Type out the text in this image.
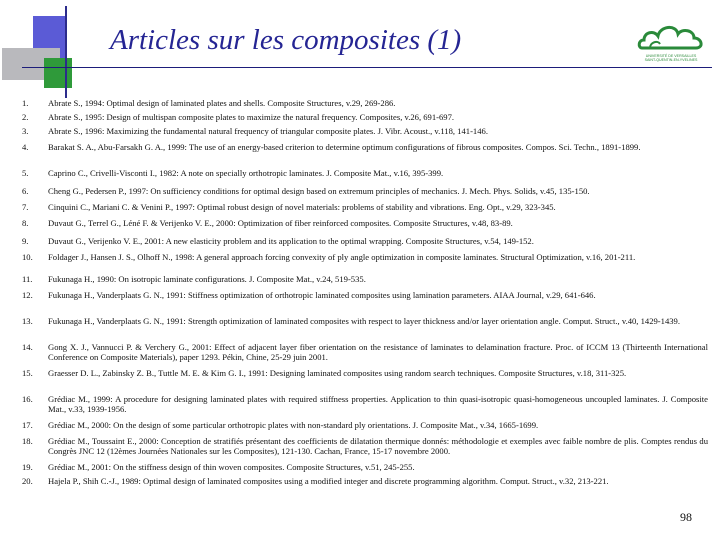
Articles sur les composites (1)	UNIVERSITÉ DE VERSAILLES
SAINT-QUENTIN-EN-YVELINES
1.	Abrate S., 1994: Optimal design of laminated plates and shells. Composite Structures, v.29, 269-286.
2.	Abrate S., 1995: Design of multispan composite plates to maximize the natural frequency. Composites, v.26, 691-697.
3.	Abrate S., 1996: Maximizing the fundamental natural frequency of triangular composite plates. J. Vibr. Acoust., v.118, 141-146.
4.	Barakat S. A., Abu-Farsakh G. A., 1999: The use of an energy-based criterion to determine optimum configurations of fibrous composites. Compos. Sci. Techn., 1891-1899.
5.	Caprino C., Crivelli-Visconti I., 1982: A note on specially orthotropic laminates. J. Composite Mat., v.16, 395-399.
6.	Cheng G., Pedersen P., 1997: On sufficiency conditions for optimal design based on extremum principles of mechanics. J. Mech. Phys. Solids, v.45, 135-150.
7.	Cinquini C., Mariani C. & Venini P., 1997: Optimal robust design of novel materials: problems of stability and vibrations. Eng. Opt., v.29, 323-345.
8.	Duvaut G., Terrel G., Léné F. & Verijenko V. E., 2000: Optimization of fiber reinforced composites. Composite Structures, v.48, 83-89.
9.	Duvaut G., Verijenko V. E., 2001: A new elasticity problem and its application to the optimal wrapping. Composite Structures, v.54, 149-152.
10.	Foldager J., Hansen J. S., Olhoff N., 1998: A general approach forcing convexity of ply angle optimization in composite laminates. Structural Optimization, v.16, 201-211.
11.	Fukunaga H., 1990: On isotropic laminate configurations. J. Composite Mat., v.24, 519-535.
12.	Fukunaga H., Vanderplaats G. N., 1991: Stiffness optimization of orthotropic laminated composites using lamination parameters. AIAA Journal, v.29, 641-646.
13.	Fukunaga H., Vanderplaats G. N., 1991: Strength optimization of laminated composites with respect to layer thickness and/or layer orientation angle. Comput. Struct., v.40, 1429-1439.
14.	Gong X. J., Vannucci P. & Verchery G., 2001: Effect of adjacent layer fiber orientation on the resistance of laminates to delamination fracture. Proc. of ICCM 13 (Thirteenth International Conference on Composite Materials), paper 1293. Pékin, Chine, 25-29 juin 2001.
15.	Graesser D. L., Zabinsky Z. B., Tuttle M. E. & Kim G. I., 1991: Designing laminated composites using random search techniques. Composite Structures, v.18, 311-325.
16.	Grédiac M., 1999: A procedure for designing laminated plates with required stiffness properties. Application to thin quasi-isotropic quasi-homogeneous uncoupled laminates. J. Composite Mat., v.33, 1939-1956.
17.	Grédiac M., 2000: On the design of some particular orthotropic plates with non-standard ply orientations. J. Composite Mat., v.34, 1665-1699.
18.	Grédiac M., Toussaint E., 2000: Conception de stratifiés présentant des coefficients de dilatation thermique donnés: méthodologie et exemples avec faible nombre de plis. Comptes rendus du Congrès JNC 12 (12èmes Journées Nationales sur les Composites), 121-130. Cachan, France, 15-17 novembre 2000.
19.	Grédiac M., 2001: On the stiffness design of thin woven composites. Composite Structures, v.51, 245-255.
20.	Hajela P., Shih C.-J., 1989: Optimal design of laminated composites using a modified integer and discrete programming algorithm. Comput. Struct., v.32, 213-221.
98
